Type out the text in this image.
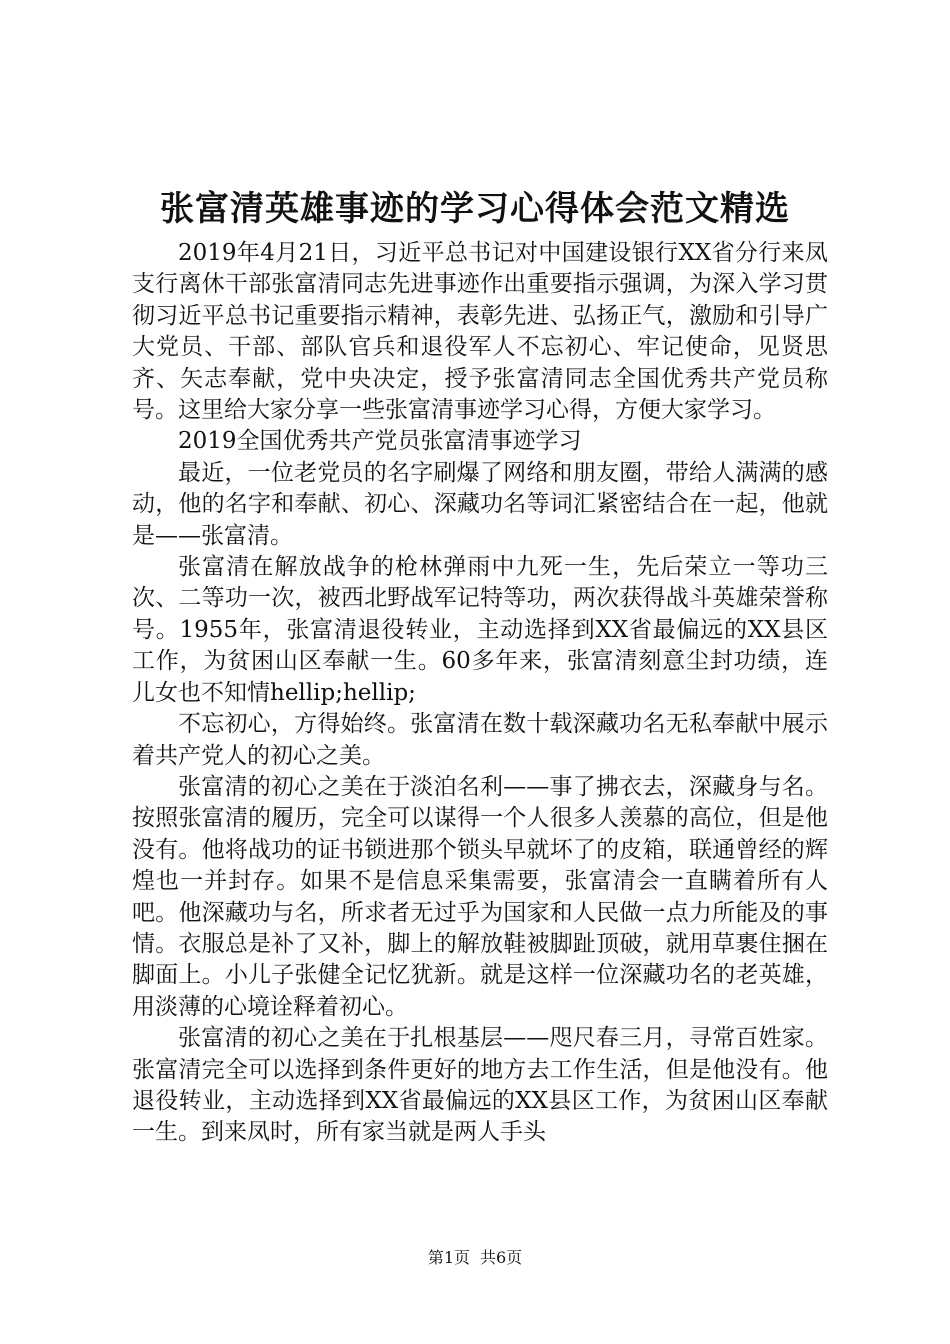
张富清英雄事迹的学习心得体会范文精选

2019年4月21日，习近平总书记对中国建设银行XX省分行来凤支行离休干部张富清同志先进事迹作出重要指示强调，为深入学习贯彻习近平总书记重要指示精神，表彰先进、弘扬正气，激励和引导广大党员、干部、部队官兵和退役军人不忘初心、牢记使命，见贤思齐、矢志奉献，党中央决定，授予张富清同志全国优秀共产党员称号。这里给大家分享一些张富清事迹学习心得，方便大家学习。

2019全国优秀共产党员张富清事迹学习

最近，一位老党员的名字刷爆了网络和朋友圈，带给人满满的感动，他的名字和奉献、初心、深藏功名等词汇紧密结合在一起，他就是——张富清。

张富清在解放战争的枪林弹雨中九死一生，先后荣立一等功三次、二等功一次，被西北野战军记特等功，两次获得战斗英雄荣誉称号。1955年，张富清退役转业，主动选择到XX省最偏远的XX县区工作，为贫困山区奉献一生。60多年来，张富清刻意尘封功绩，连儿女也不知情hellip;hellip;

不忘初心，方得始终。张富清在数十载深藏功名无私奉献中展示着共产党人的初心之美。

张富清的初心之美在于淡泊名利——事了拂衣去，深藏身与名。按照张富清的履历，完全可以谋得一个人很多人羡慕的高位，但是他没有。他将战功的证书锁进那个锁头早就坏了的皮箱，联通曾经的辉煌也一并封存。如果不是信息采集需要，张富清会一直瞒着所有人吧。他深藏功与名，所求者无过乎为国家和人民做一点力所能及的事情。衣服总是补了又补，脚上的解放鞋被脚趾顶破，就用草裹住捆在脚面上。小儿子张健全记忆犹新。就是这样一位深藏功名的老英雄，用淡薄的心境诠释着初心。

张富清的初心之美在于扎根基层——咫尺春三月，寻常百姓家。张富清完全可以选择到条件更好的地方去工作生活，但是他没有。他退役转业，主动选择到XX省最偏远的XX县区工作，为贫困山区奉献一生。到来凤时，所有家当就是两人手头

第1页 共6页
